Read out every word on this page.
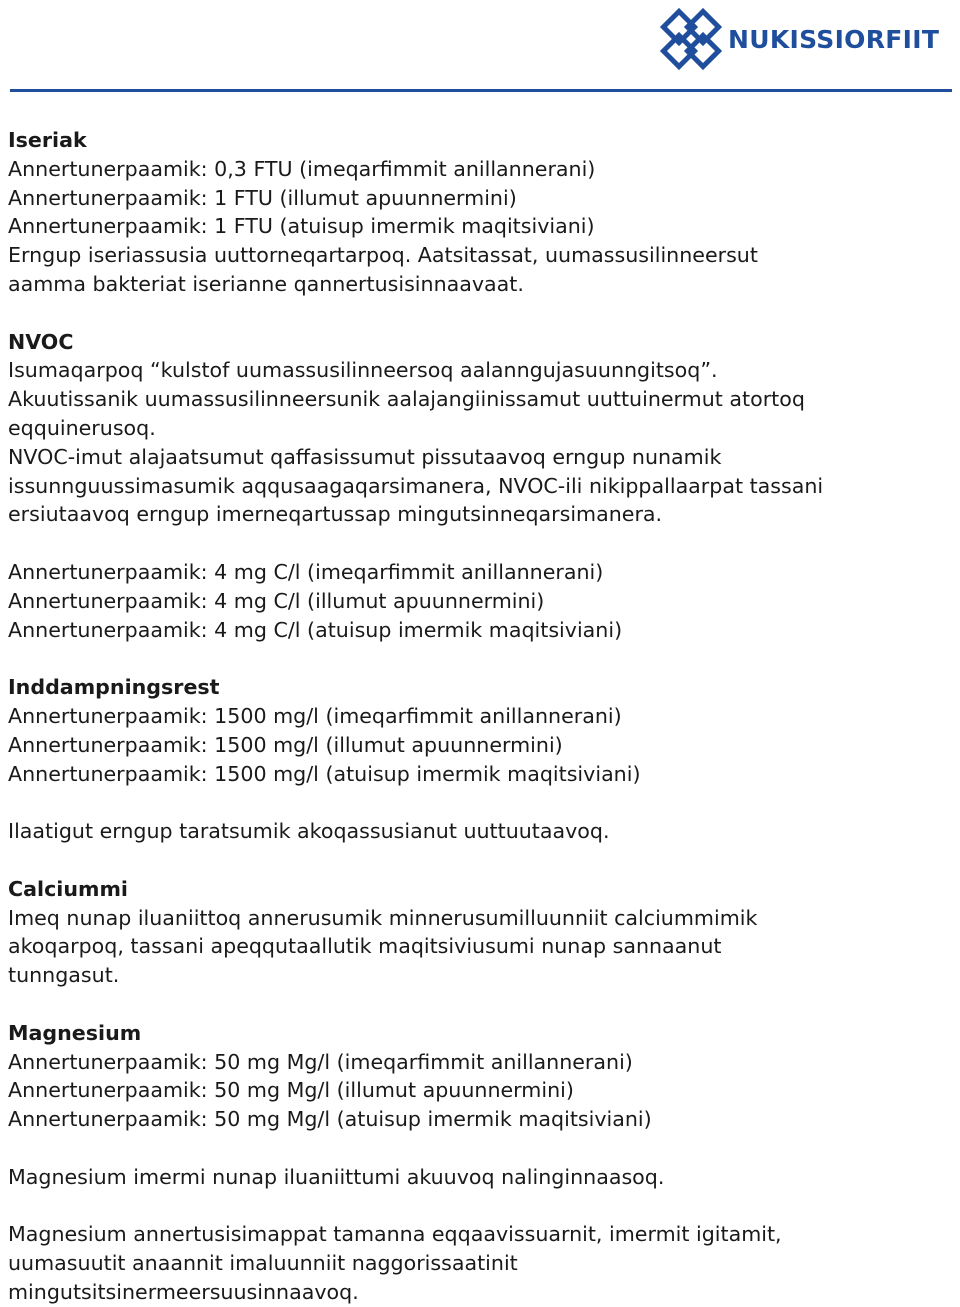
NUKISSIORFIIT
Iseriak
Annertunerpaamik: 0,3 FTU (imeqarfimmit anillannerani)
Annertunerpaamik: 1 FTU (illumut apuunnermini)
Annertunerpaamik: 1 FTU (atuisup imermik maqitsiviani)
Erngup iseriassusia uuttorneqartarpoq. Aatsitassat, uumassusilinneersut
aamma bakteriat iserianne qannertusisinnaavaat.
NVOC
Isumaqarpoq “kulstof uumassusilinneersoq aalanngujasuunngitsoq”.
Akuutissanik uumassusilinneersunik aalajangiinissamut uuttuinermut atortoq
eqquinerusoq.
NVOC-imut alajaatsumut qaffasissumut pissutaavoq erngup nunamik
issunnguussimasumik aqqusaagaqarsimanera, NVOC-ili nikippallaarpat tassani
ersiutaavoq erngup imerneqartussap mingutsinneqarsimanera.
Annertunerpaamik: 4 mg C/l (imeqarfimmit anillannerani)
Annertunerpaamik: 4 mg C/l (illumut apuunnermini)
Annertunerpaamik: 4 mg C/l (atuisup imermik maqitsiviani)
Inddampningsrest
Annertunerpaamik: 1500 mg/l (imeqarfimmit anillannerani)
Annertunerpaamik: 1500 mg/l (illumut apuunnermini)
Annertunerpaamik: 1500 mg/l (atuisup imermik maqitsiviani)
Ilaatigut erngup taratsumik akoqassusianut uuttuutaavoq.
Calciummi
Imeq nunap iluaniittoq annerusumik minnerusumilluunniit calciummimik
akoqarpoq, tassani apeqqutaallutik maqitsiviusumi nunap sannaanut
tunngasut.
Magnesium
Annertunerpaamik: 50 mg Mg/l (imeqarfimmit anillannerani)
Annertunerpaamik: 50 mg Mg/l (illumut apuunnermini)
Annertunerpaamik: 50 mg Mg/l (atuisup imermik maqitsiviani)
Magnesium imermi nunap iluaniittumi akuuvoq nalinginnaasoq.
Magnesium annertusisimappat tamanna eqqaavissuarnit, imermit igitamit,
uumasuutit anaannit imaluunniit naggorissaatinit
mingutsitsinermeersuusinnaavoq.
